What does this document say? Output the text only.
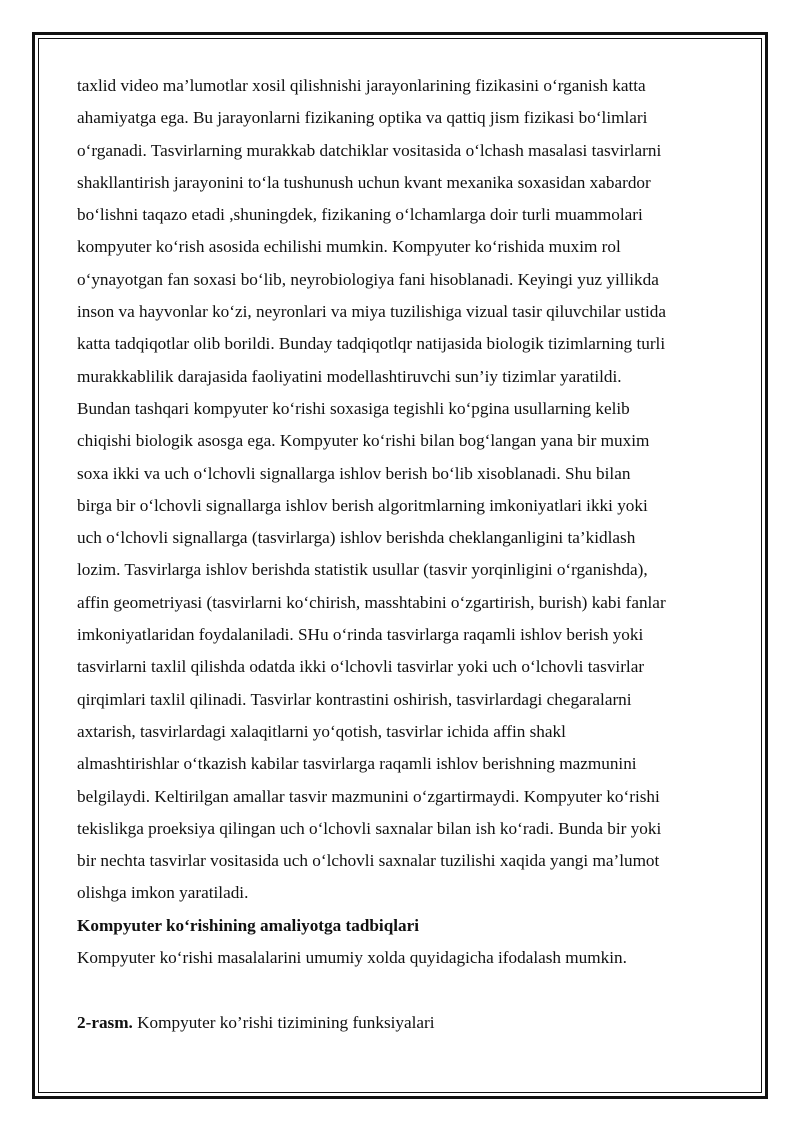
taxlid video ma’lumotlar xosil qilishnishi jarayonlarining fizikasini o‘rganish katta
ahamiyatga ega. Bu jarayonlarni fizikaning optika va qattiq jism fizikasi bo‘limlari
o‘rganadi. Tasvirlarning murakkab datchiklar vositasida o‘lchash masalasi tasvirlarni
shakllantirish jarayonini to‘la tushunush uchun kvant mexanika soxasidan xabardor
bo‘lishni taqazo etadi ,shuningdek, fizikaning o‘lchamlarga doir turli muammolari
kompyuter ko‘rish asosida echilishi mumkin. Kompyuter ko‘rishida muxim rol
o‘ynayotgan fan soxasi bo‘lib, neyrobiologiya fani hisoblanadi. Keyingi yuz yillikda
inson va hayvonlar ko‘zi, neyronlari va miya tuzilishiga vizual tasir qiluvchilar ustida
katta tadqiqotlar olib borildi. Bunday tadqiqotlqr natijasida biologik tizimlarning turli
murakkablilik darajasida faoliyatini modellashtiruvchi sun’iy tizimlar yaratildi.
Bundan tashqari kompyuter ko‘rishi soxasiga tegishli ko‘pgina usullarning kelib
chiqishi biologik asosga ega. Kompyuter ko‘rishi bilan bog‘langan yana bir muxim
soxa ikki va uch o‘lchovli signallarga ishlov berish bo‘lib xisoblanadi. Shu bilan
birga bir o‘lchovli signallarga ishlov berish algoritmlarning imkoniyatlari ikki yoki
uch o‘lchovli signallarga (tasvirlarga) ishlov berishda cheklanganligini ta’kidlash
lozim. Tasvirlarga ishlov berishda statistik usullar (tasvir yorqinligini o‘rganishda),
affin geometriyasi (tasvirlarni ko‘chirish, masshtabini o‘zgartirish, burish) kabi fanlar
imkoniyatlaridan foydalaniladi. SHu o‘rinda tasvirlarga raqamli ishlov berish yoki
tasvirlarni taxlil qilishda odatda ikki o‘lchovli tasvirlar yoki uch o‘lchovli tasvirlar
qirqimlari taxlil qilinadi. Tasvirlar kontrastini oshirish, tasvirlardagi chegaralarni
axtarish, tasvirlardagi xalaqitlarni yo‘qotish, tasvirlar ichida affin shakl
almashtirishlar o‘tkazish kabilar tasvirlarga raqamli ishlov berishning mazmunini
belgilaydi. Keltirilgan amallar tasvir mazmunini o‘zgartirmaydi. Kompyuter ko‘rishi
tekislikga proeksiya qilingan uch o‘lchovli saxnalar bilan ish ko‘radi. Bunda bir yoki
bir nechta tasvirlar vositasida uch o‘lchovli saxnalar tuzilishi xaqida yangi ma’lumot
olishga imkon yaratiladi.
Kompyuter ko‘rishining amaliyotga tadbiqlari
Kompyuter ko‘rishi masalalarini umumiy xolda quyidagicha ifodalash mumkin.
2-rasm. Kompyuter ko’rishi tizimining funksiyalari
